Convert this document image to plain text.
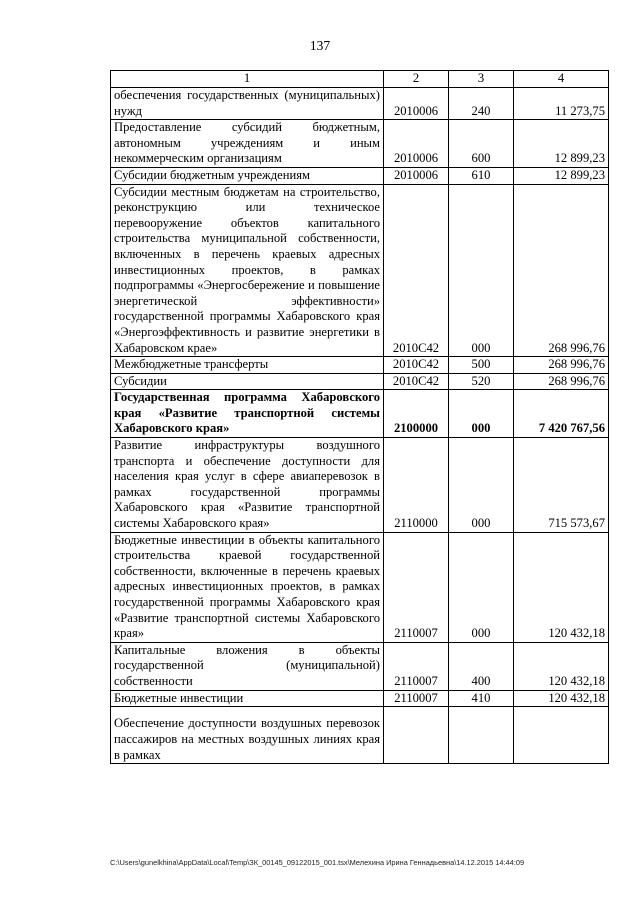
137
1	2	3	4
обеспечения государственных (муниципальных) нужд	2010006	240	11 273,75
Предоставление субсидий бюджетным, автономным учреждениям и иным некоммерческим организациям	2010006	600	12 899,23
Субсидии бюджетным учреждениям	2010006	610	12 899,23
Субсидии местным бюджетам на строительство, реконструкцию или техническое перевооружение объектов капитального строительства муниципальной собственности, включенных в перечень краевых адресных инвестиционных проектов, в рамках подпрограммы «Энергосбережение и повышение энергетической эффективности» государственной программы Хабаровского края «Энергоэффективность и развитие энергетики в Хабаровском крае»	2010С42	000	268 996,76
Межбюджетные трансферты	2010С42	500	268 996,76
Субсидии	2010С42	520	268 996,76
Государственная программа Хабаровского края «Развитие транспортной системы Хабаровского края»	2100000	000	7 420 767,56
Развитие инфраструктуры воздушного транспорта и обеспечение доступности для населения края услуг в сфере авиаперевозок в рамках государственной программы Хабаровского края «Развитие транспортной системы Хабаровского края»	2110000	000	715 573,67
Бюджетные инвестиции в объекты капитального строительства краевой государственной собственности, включенные в перечень краевых адресных инвестиционных проектов, в рамках государственной программы Хабаровского края «Развитие транспортной системы Хабаровского края»	2110007	000	120 432,18
Капитальные вложения в объекты государственной (муниципальной) собственности	2110007	400	120 432,18
Бюджетные инвестиции	2110007	410	120 432,18
Обеспечение доступности воздушных перевозок пассажиров на местных воздушных линиях края в рамках			
C:\Users\gunelkhina\AppData\Local\Temp\ЗК_00145_09122015_001.tsx\Мелехина Ирина Геннадьевна\14.12.2015 14:44:09
